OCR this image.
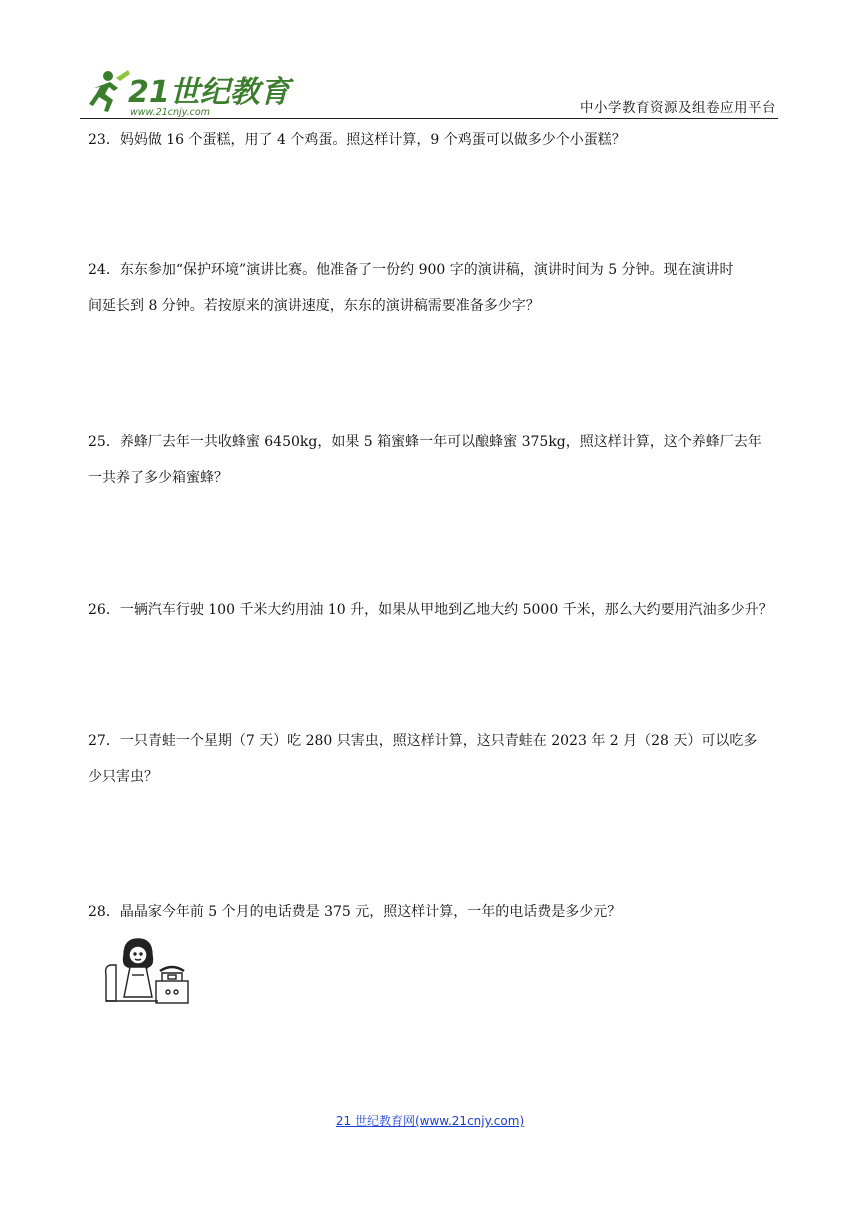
21世纪教育
www.21cnjy.com	中小学教育资源及组卷应用平台
23．妈妈做 16 个蛋糕，用了 4 个鸡蛋。照这样计算，9 个鸡蛋可以做多少个小蛋糕？
24．东东参加“保护环境”演讲比赛。他准备了一份约 900 字的演讲稿，演讲时间为 5 分钟。现在演讲时
间延长到 8 分钟。若按原来的演讲速度，东东的演讲稿需要准备多少字？
25．养蜂厂去年一共收蜂蜜 6450kg，如果 5 箱蜜蜂一年可以酿蜂蜜 375kg，照这样计算，这个养蜂厂去年
一共养了多少箱蜜蜂？
26．一辆汽车行驶 100 千米大约用油 10 升，如果从甲地到乙地大约 5000 千米，那么大约要用汽油多少升？
27．一只青蛙一个星期（7 天）吃 280 只害虫，照这样计算，这只青蛙在 2023 年 2 月（28 天）可以吃多
少只害虫？
28．晶晶家今年前 5 个月的电话费是 375 元，照这样计算，一年的电话费是多少元？
21 世纪教育网(www.21cnjy.com)
